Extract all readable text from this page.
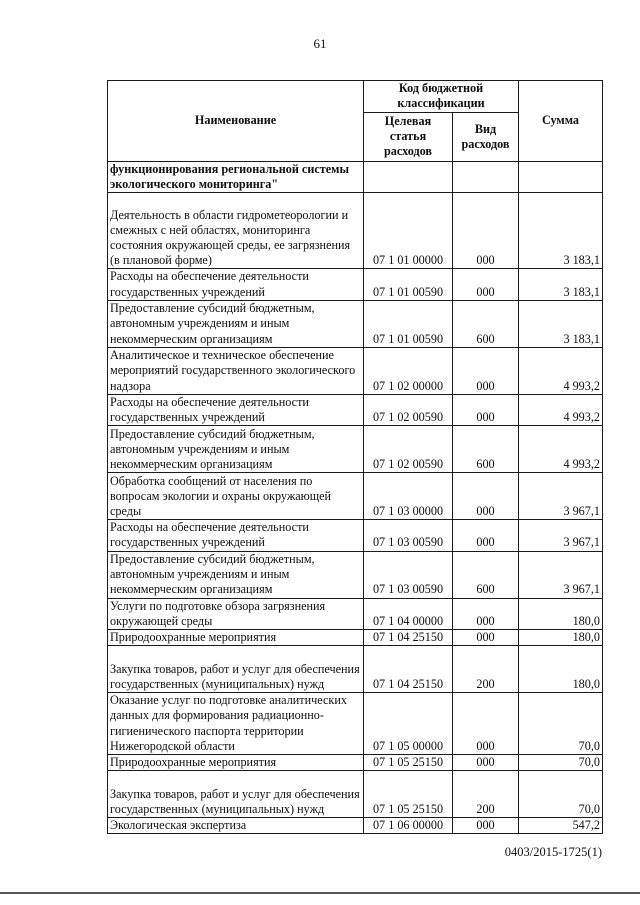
61
Наименование	Код бюджетной классификации		Сумма
	Целевая статья расходов	Вид расходов	
функционирования региональной системы экологического мониторинга"			
Деятельность в области гидрометеорологии и смежных с ней областях, мониторинга состояния окружающей среды, ее загрязнения (в плановой форме)	07 1 01 00000	000	3 183,1
Расходы на обеспечение деятельности государственных учреждений	07 1 01 00590	000	3 183,1
Предоставление субсидий бюджетным, автономным учреждениям и иным некоммерческим организациям	07 1 01 00590	600	3 183,1
Аналитическое и техническое обеспечение мероприятий государственного экологического надзора	07 1 02 00000	000	4 993,2
Расходы на обеспечение деятельности государственных учреждений	07 1 02 00590	000	4 993,2
Предоставление субсидий бюджетным, автономным учреждениям и иным некоммерческим организациям	07 1 02 00590	600	4 993,2
Обработка сообщений от населения по вопросам экологии и охраны окружающей среды	07 1 03 00000	000	3 967,1
Расходы на обеспечение деятельности государственных учреждений	07 1 03 00590	000	3 967,1
Предоставление субсидий бюджетным, автономным учреждениям и иным некоммерческим организациям	07 1 03 00590	600	3 967,1
Услуги по подготовке обзора загрязнения окружающей среды	07 1 04 00000	000	180,0
Природоохранные мероприятия	07 1 04 25150	000	180,0
Закупка товаров, работ и услуг для обеспечения государственных (муниципальных) нужд	07 1 04 25150	200	180,0
Оказание услуг по подготовке аналитических данных для формирования радиационно-гигиенического паспорта территории Нижегородской области	07 1 05 00000	000	70,0
Природоохранные мероприятия	07 1 05 25150	000	70,0
Закупка товаров, работ и услуг для обеспечения государственных (муниципальных) нужд	07 1 05 25150	200	70,0
Экологическая экспертиза	07 1 06 00000	000	547,2
0403/2015-1725(1)
